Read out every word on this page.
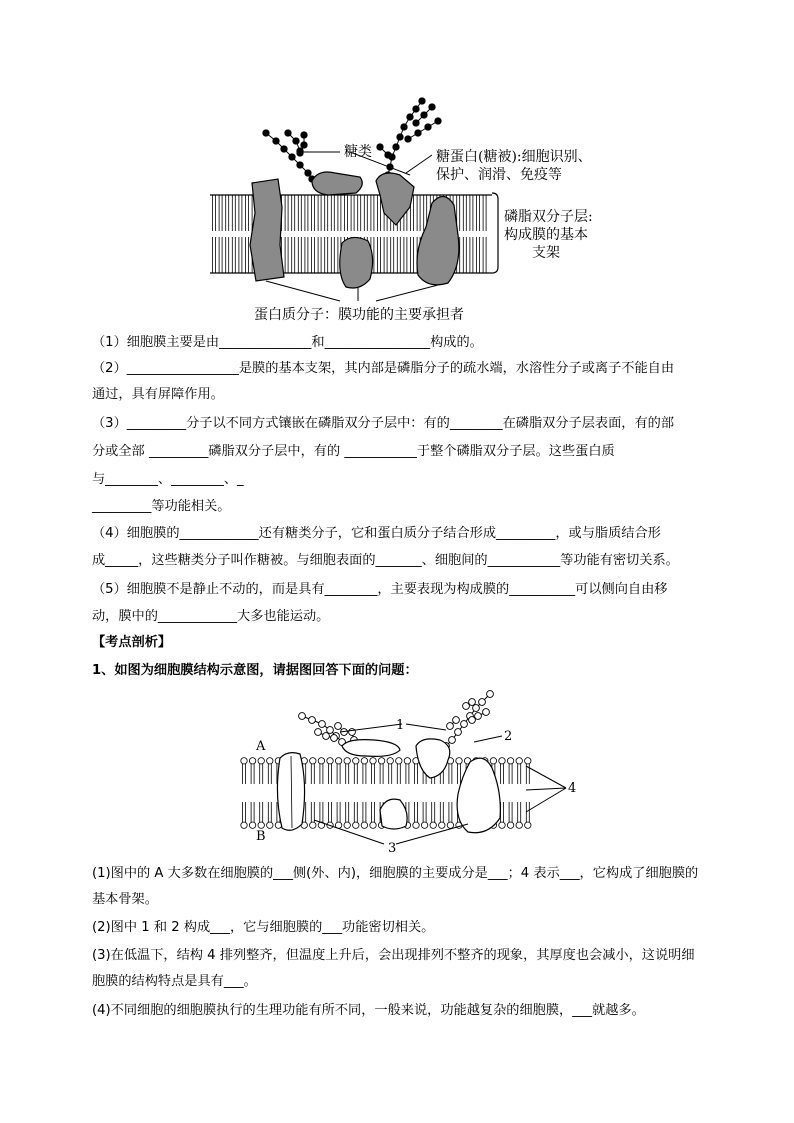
糖类	糖蛋白(糖被):细胞识别、
保护、润滑、免疫等
磷脂双分子层:
构成膜的基本
支架
蛋白质分子：膜功能的主要承担者
（1）细胞膜主要是由______________和________________构成的。
（2）_________________是膜的基本支架，其内部是磷脂分子的疏水端，水溶性分子或离子不能自由
通过，具有屏障作用。
（3）_________分子以不同方式镶嵌在磷脂双分子层中：有的________在磷脂双分子层表面，有的部
分或全部 _________磷脂双分子层中，有的 ___________于整个磷脂双分子层。这些蛋白质
与________、________、_
_________等功能相关。
（4）细胞膜的____________还有糖类分子，它和蛋白质分子结合形成_________，或与脂质结合形
成_____，这些糖类分子叫作糖被。与细胞表面的_______、细胞间的___________等功能有密切关系。
（5）细胞膜不是静止不动的，而是具有________，主要表现为构成膜的__________可以侧向自由移
动，膜中的____________大多也能运动。
【考点剖析】
1、如图为细胞膜结构示意图，请据图回答下面的问题：
A
B
1
2
3
4
(1)图中的 A 大多数在细胞膜的___侧(外、内)，细胞膜的主要成分是___；4 表示___，它构成了细胞膜的
基本骨架。
(2)图中 1 和 2 构成___，它与细胞膜的___功能密切相关。
(3)在低温下，结构 4 排列整齐，但温度上升后，会出现排列不整齐的现象，其厚度也会减小，这说明细
胞膜的结构特点是具有___。
(4)不同细胞的细胞膜执行的生理功能有所不同，一般来说，功能越复杂的细胞膜，___就越多。
